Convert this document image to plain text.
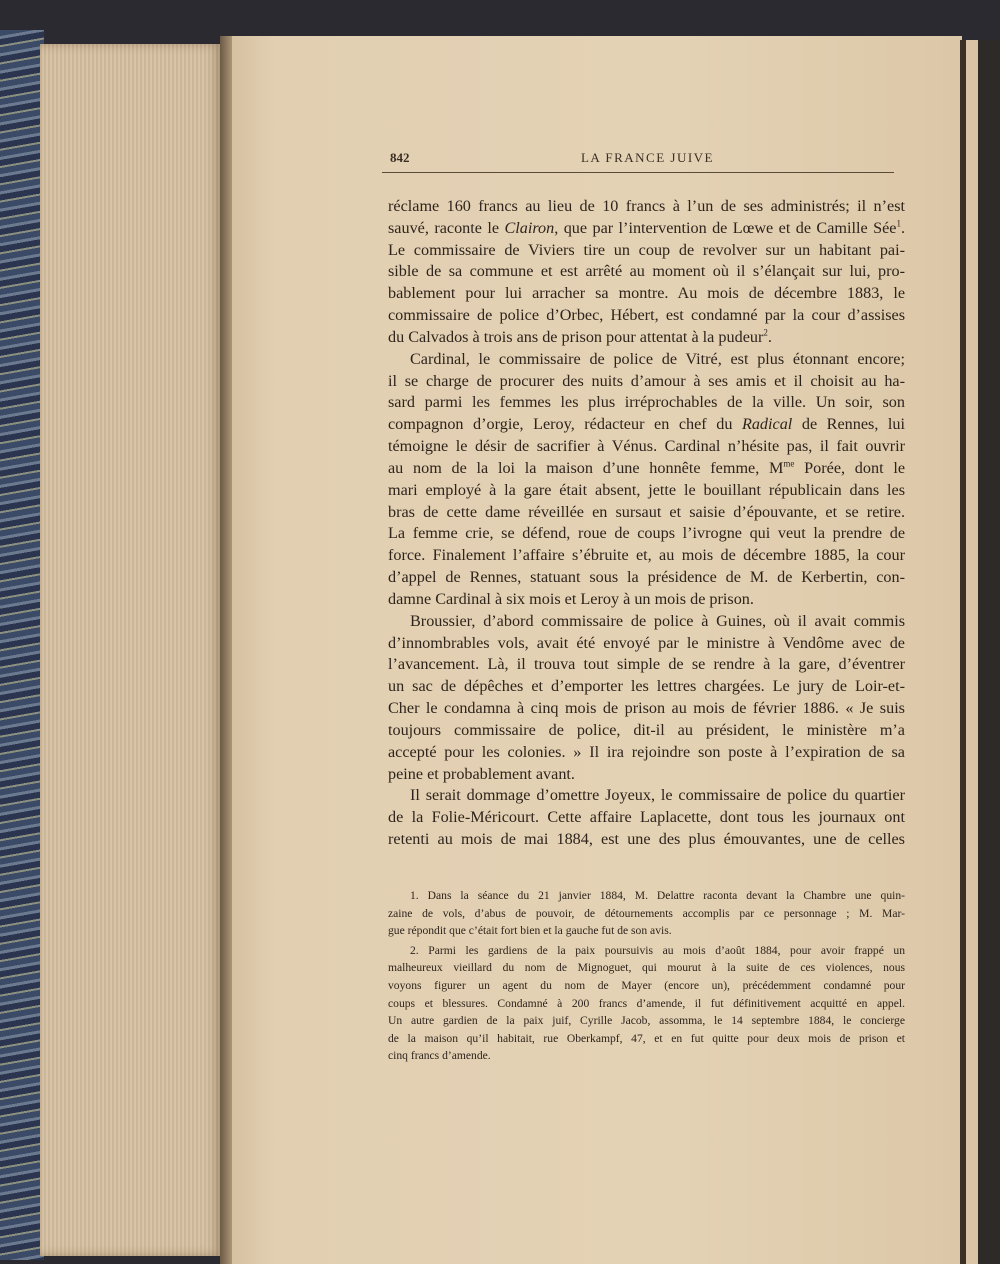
842	LA FRANCE JUIVE
réclame 160 francs au lieu de 10 francs à l’un de ses administrés; il n’est
sauvé, raconte le Clairon, que par l’intervention de Lœwe et de Camille Sée$^1$.
Le commissaire de Viviers tire un coup de revolver sur un habitant pai-
sible de sa commune et est arrêté au moment où il s’élançait sur lui, pro-
bablement pour lui arracher sa montre. Au mois de décembre 1883, le
commissaire de police d’Orbec, Hébert, est condamné par la cour d’assises
du Calvados à trois ans de prison pour attentat à la pudeur$^2$.
Cardinal, le commissaire de police de Vitré, est plus étonnant encore;
il se charge de procurer des nuits d’amour à ses amis et il choisit au ha-
sard parmi les femmes les plus irréprochables de la ville. Un soir, son
compagnon d’orgie, Leroy, rédacteur en chef du Radical de Rennes, lui
témoigne le désir de sacrifier à Vénus. Cardinal n’hésite pas, il fait ouvrir
au nom de la loi la maison d’une honnête femme, $M^{me}$ Porée, dont le
mari employé à la gare était absent, jette le bouillant républicain dans les
bras de cette dame réveillée en sursaut et saisie d’épouvante, et se retire.
La femme crie, se défend, roue de coups l’ivrogne qui veut la prendre de
force. Finalement l’affaire s’ébruite et, au mois de décembre 1885, la cour
d’appel de Rennes, statuant sous la présidence de M. de Kerbertin, con-
damne Cardinal à six mois et Leroy à un mois de prison.
Broussier, d’abord commissaire de police à Guines, où il avait commis
d’innombrables vols, avait été envoyé par le ministre à Vendôme avec de
l’avancement. Là, il trouva tout simple de se rendre à la gare, d’éventrer
un sac de dépêches et d’emporter les lettres chargées. Le jury de Loir-et-
Cher le condamna à cinq mois de prison au mois de février 1886. « Je suis
toujours commissaire de police, dit-il au président, le ministère m’a
accepté pour les colonies. » Il ira rejoindre son poste à l’expiration de sa
peine et probablement avant.
Il serait dommage d’omettre Joyeux, le commissaire de police du quartier
de la Folie-Méricourt. Cette affaire Laplacette, dont tous les journaux ont
retenti au mois de mai 1884, est une des plus émouvantes, une de celles
1. Dans la séance du 21 janvier 1884, M. Delattre raconta devant la Chambre une quin-
zaine de vols, d’abus de pouvoir, de détournements accomplis par ce personnage ; M. Mar-
gue répondit que c’était fort bien et la gauche fut de son avis.
2. Parmi les gardiens de la paix poursuivis au mois d’août 1884, pour avoir frappé un
malheureux vieillard du nom de Mignoguet, qui mourut à la suite de ces violences, nous
voyons figurer un agent du nom de Mayer (encore un), précédemment condamné pour
coups et blessures. Condamné à 200 francs d’amende, il fut définitivement acquitté en appel.
Un autre gardien de la paix juif, Cyrille Jacob, assomma, le 14 septembre 1884, le concierge
de la maison qu’il habitait, rue Oberkampf, 47, et en fut quitte pour deux mois de prison et
cinq francs d’amende.
